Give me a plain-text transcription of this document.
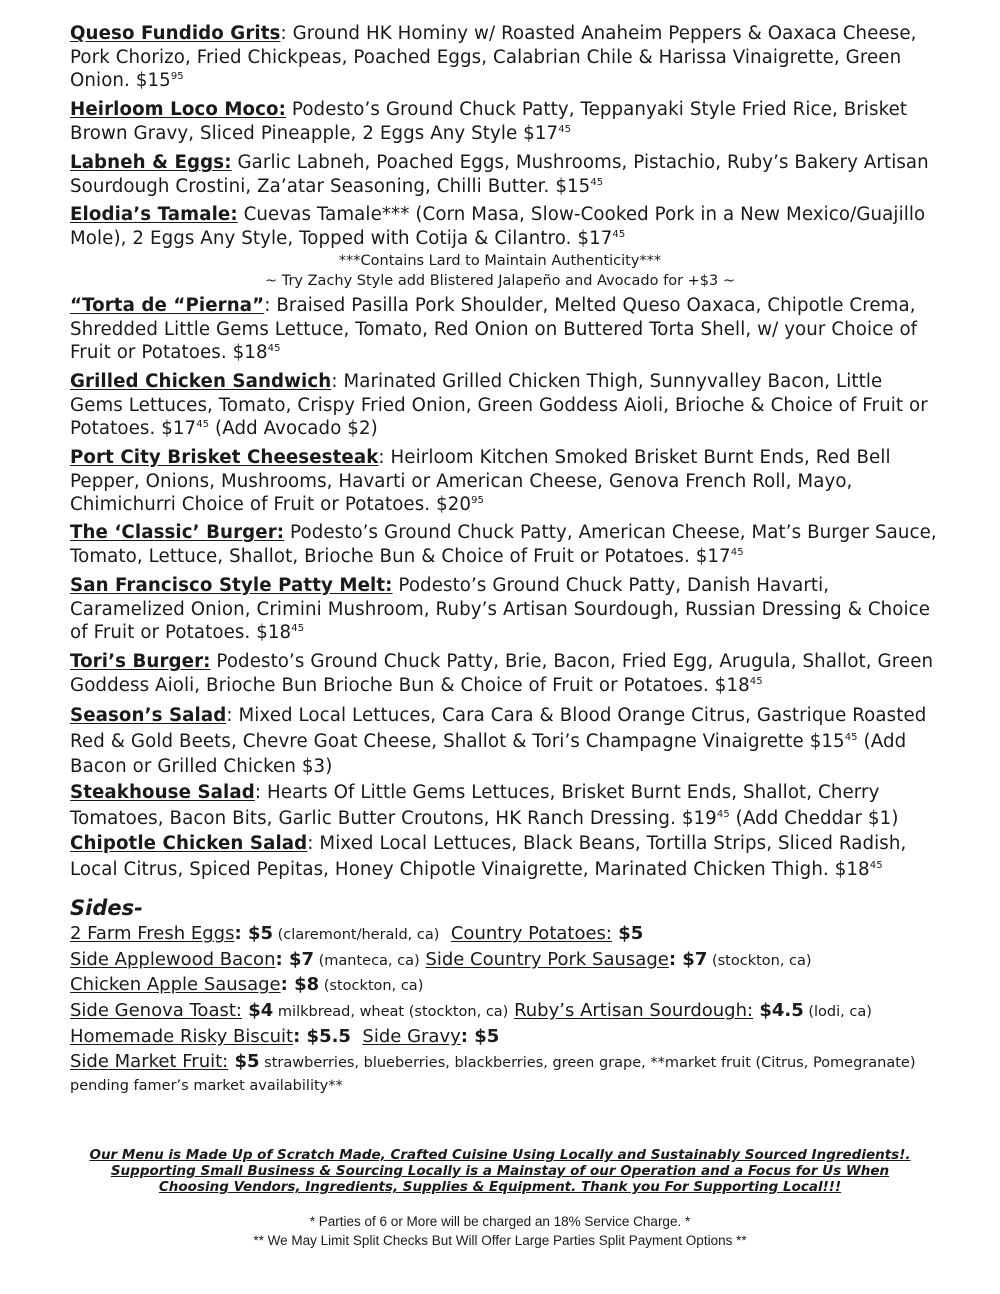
Queso Fundido Grits: Ground HK Hominy w/ Roasted Anaheim Peppers & Oaxaca Cheese, Pork Chorizo, Fried Chickpeas, Poached Eggs, Calabrian Chile & Harissa Vinaigrette, Green Onion. $\$15^{95}$
Heirloom Loco Moco: Podesto’s Ground Chuck Patty, Teppanyaki Style Fried Rice, Brisket Brown Gravy, Sliced Pineapple, 2 Eggs Any Style $\$17^{45}$
Labneh & Eggs: Garlic Labneh, Poached Eggs, Mushrooms, Pistachio, Ruby’s Bakery Artisan Sourdough Crostini, Za’atar Seasoning, Chilli Butter. $\$15^{45}$
Elodia’s Tamale: Cuevas Tamale*** (Corn Masa, Slow-Cooked Pork in a New Mexico/Guajillo Mole), 2 Eggs Any Style, Topped with Cotija & Cilantro. $\$17^{45}$
***Contains Lard to Maintain Authenticity***
~ Try Zachy Style add Blistered Jalapeño and Avocado for +$3 ~
“Torta de “Pierna”: Braised Pasilla Pork Shoulder, Melted Queso Oaxaca, Chipotle Crema, Shredded Little Gems Lettuce, Tomato, Red Onion on Buttered Torta Shell, w/ your Choice of Fruit or Potatoes. $\$18^{45}$
Grilled Chicken Sandwich: Marinated Grilled Chicken Thigh, Sunnyvalley Bacon, Little Gems Lettuces, Tomato, Crispy Fried Onion, Green Goddess Aioli, Brioche & Choice of Fruit or Potatoes. $\$17^{45}$ (Add Avocado $2)
Port City Brisket Cheesesteak: Heirloom Kitchen Smoked Brisket Burnt Ends, Red Bell Pepper, Onions, Mushrooms, Havarti or American Cheese, Genova French Roll, Mayo, Chimichurri Choice of Fruit or Potatoes. $\$20^{95}$
The ‘Classic’ Burger: Podesto’s Ground Chuck Patty, American Cheese, Mat’s Burger Sauce, Tomato, Lettuce, Shallot, Brioche Bun & Choice of Fruit or Potatoes. $\$17^{45}$
San Francisco Style Patty Melt: Podesto’s Ground Chuck Patty, Danish Havarti, Caramelized Onion, Crimini Mushroom, Ruby’s Artisan Sourdough, Russian Dressing & Choice of Fruit or Potatoes. $\$18^{45}$
Tori’s Burger: Podesto’s Ground Chuck Patty, Brie, Bacon, Fried Egg, Arugula, Shallot, Green Goddess Aioli, Brioche Bun Brioche Bun & Choice of Fruit or Potatoes. $\$18^{45}$
Season’s Salad: Mixed Local Lettuces, Cara Cara & Blood Orange Citrus, Gastrique Roasted Red & Gold Beets, Chevre Goat Cheese, Shallot & Tori’s Champagne Vinaigrette $\$15^{45}$ (Add Bacon or Grilled Chicken $3)
Steakhouse Salad: Hearts Of Little Gems Lettuces, Brisket Burnt Ends, Shallot, Cherry Tomatoes, Bacon Bits, Garlic Butter Croutons, HK Ranch Dressing. $\$19^{45}$ (Add Cheddar $1)
Chipotle Chicken Salad: Mixed Local Lettuces, Black Beans, Tortilla Strips, Sliced Radish, Local Citrus, Spiced Pepitas, Honey Chipotle Vinaigrette, Marinated Chicken Thigh. $\$18^{45}$
Sides-
2 Farm Fresh Eggs: $5 (claremont/herald, ca) Country Potatoes: $5
Side Applewood Bacon: $7 (manteca, ca) Side Country Pork Sausage: $7 (stockton, ca)
Chicken Apple Sausage: $8 (stockton, ca)
Side Genova Toast: $4 milkbread, wheat (stockton, ca) Ruby’s Artisan Sourdough: $4.5 (lodi, ca)
Homemade Risky Biscuit: $5.5 Side Gravy: $5
Side Market Fruit: $5 strawberries, blueberries, blackberries, green grape, **market fruit (Citrus, Pomegranate) pending famer’s market availability**
Our Menu is Made Up of Scratch Made, Crafted Cuisine Using Locally and Sustainably Sourced Ingredients!.
Supporting Small Business & Sourcing Locally is a Mainstay of our Operation and a Focus for Us When
Choosing Vendors, Ingredients, Supplies & Equipment. Thank you For Supporting Local!!!
* Parties of 6 or More will be charged an 18% Service Charge. *
** We May Limit Split Checks But Will Offer Large Parties Split Payment Options **
